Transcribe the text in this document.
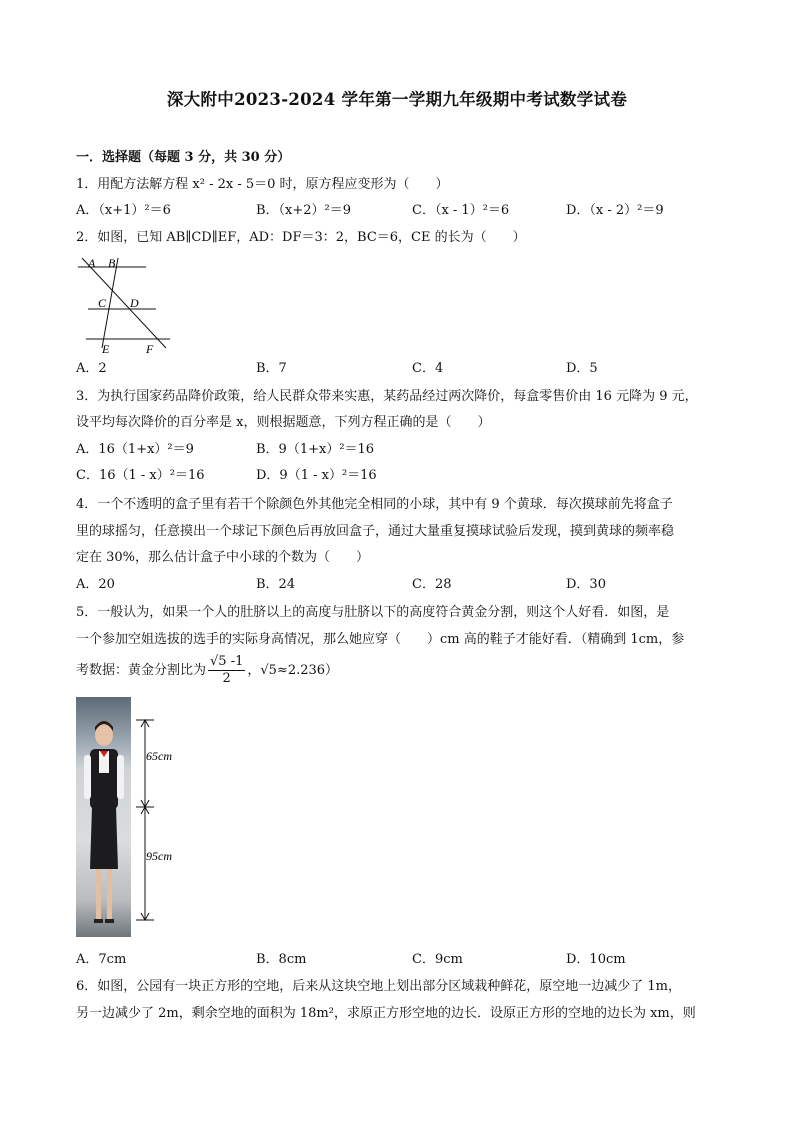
深大附中2023-2024 学年第一学期九年级期中考试数学试卷
一．选择题（每题 3 分，共 30 分）
1．用配方法解方程 x² - 2x - 5＝0 时，原方程应变形为（　　）
A．（x+1）²＝6	B．（x+2）²＝9	C．（x - 1）²＝6	D．（x - 2）²＝9
2．如图，已知 AB∥CD∥EF，AD：DF＝3：2，BC＝6，CE 的长为（　　）
A B
C D
E	F
A．2	B．7	C．4	D．5
3．为执行国家药品降价政策，给人民群众带来实惠，某药品经过两次降价，每盒零售价由 16 元降为 9 元，
设平均每次降价的百分率是 x，则根据题意，下列方程正确的是（　　）
A．16（1+x）²＝9	B．9（1+x）²＝16
C．16（1 - x）²＝16	D．9（1 - x）²＝16
4．一个不透明的盒子里有若干个除颜色外其他完全相同的小球，其中有 9 个黄球．每次摸球前先将盒子
里的球摇匀，任意摸出一个球记下颜色后再放回盒子，通过大量重复摸球试验后发现，摸到黄球的频率稳
定在 30%，那么估计盒子中小球的个数为（　　）
A．20	B．24	C．28	D．30
5．一般认为，如果一个人的肚脐以上的高度与肚脐以下的高度符合黄金分割，则这个人好看．如图，是
一个参加空姐选拔的选手的实际身高情况，那么她应穿（　　）cm 高的鞋子才能好看．（精确到 1cm，参
考数据：黄金分割比为 $\frac{√5 -1}{2}$ ，√5≈2.236）
65cm
95cm
A．7cm	B．8cm	C．9cm	D．10cm
6．如图，公园有一块正方形的空地，后来从这块空地上划出部分区域栽种鲜花，原空地一边减少了 1m，
另一边减少了 2m，剩余空地的面积为 18m²，求原正方形空地的边长．设原正方形的空地的边长为 xm，则
